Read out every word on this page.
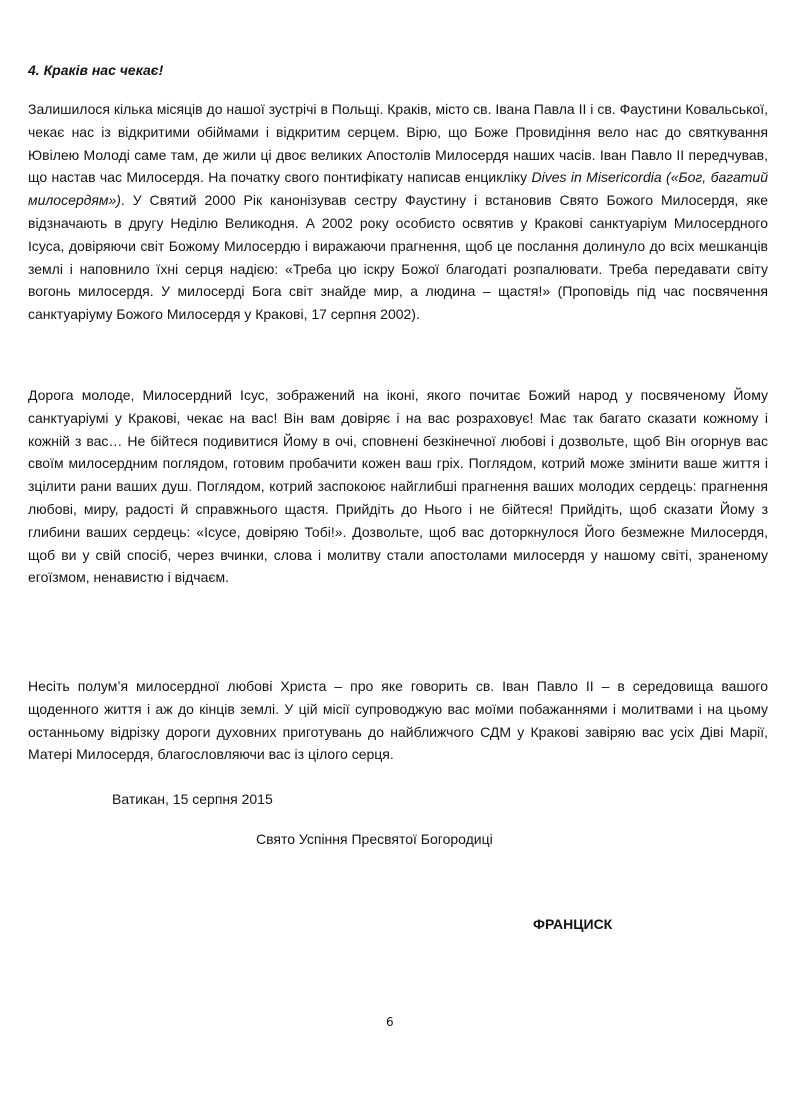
4. Краків нас чекає!

Залишилося кілька місяців до нашої зустрічі в Польщі. Краків, місто св. Івана Павла ІІ і св. Фаустини Ковальської, чекає нас із відкритими обіймами і відкритим серцем. Вірю, що Боже Провидіння вело нас до святкування Ювілею Молоді саме там, де жили ці двоє великих Апостолів Милосердя наших часів. Іван Павло ІІ передчував, що настав час Милосердя. На початку свого понтифікату написав енцикліку Dives in Misericordia («Бог, багатий милосердям»). У Святий 2000 Рік канонізував сестру Фаустину і встановив Свято Божого Милосердя, яке відзначають в другу Неділю Великодня. А 2002 року особисто освятив у Кракові санктуаріум Милосердного Ісуса, довіряючи світ Божому Милосердю і виражаючи прагнення, щоб це послання долинуло до всіх мешканців землі і наповнило їхні серця надією: «Треба цю іскру Божої благодаті розпалювати. Треба передавати світу вогонь милосердя. У милосерді Бога світ знайде мир, а людина – щастя!» (Проповідь під час посвячення санктуаріуму Божого Милосердя у Кракові, 17 серпня 2002).

Дорога молоде, Милосердний Ісус, зображений на іконі, якого почитає Божий народ у посвяченому Йому санктуаріумі у Кракові, чекає на вас! Він вам довіряє і на вас розраховує! Має так багато сказати кожному і кожній з вас… Не бійтеся подивитися Йому в очі, сповнені безкінечної любові і дозвольте, щоб Він огорнув вас своїм милосердним поглядом, готовим пробачити кожен ваш гріх. Поглядом, котрий може змінити ваше життя і зцілити рани ваших душ. Поглядом, котрий заспокоює найглибші прагнення ваших молодих сердець: прагнення любові, миру, радості й справжнього щастя. Прийдіть до Нього і не бійтеся! Прийдіть, щоб сказати Йому з глибини ваших сердець: «Ісусе, довіряю Тобі!». Дозвольте, щоб вас доторкнулося Його безмежне Милосердя, щоб ви у свій спосіб, через вчинки, слова і молитву стали апостолами милосердя у нашому світі, зраненому егоїзмом, ненавистю і відчаєм.

Несіть полум’я милосердної любові Христа – про яке говорить св. Іван Павло ІІ – в середовища вашого щоденного життя і аж до кінців землі. У цій місії супроводжую вас моїми побажаннями і молитвами і на цьому останньому відрізку дороги духовних приготувань до найближчого СДМ у Кракові завіряю вас усіх Діві Марії, Матері Милосердя, благословляючи вас із цілого серця.

Ватикан, 15 серпня 2015

Свято Успіння Пресвятої Богородиці

ФРАНЦИСК

6
